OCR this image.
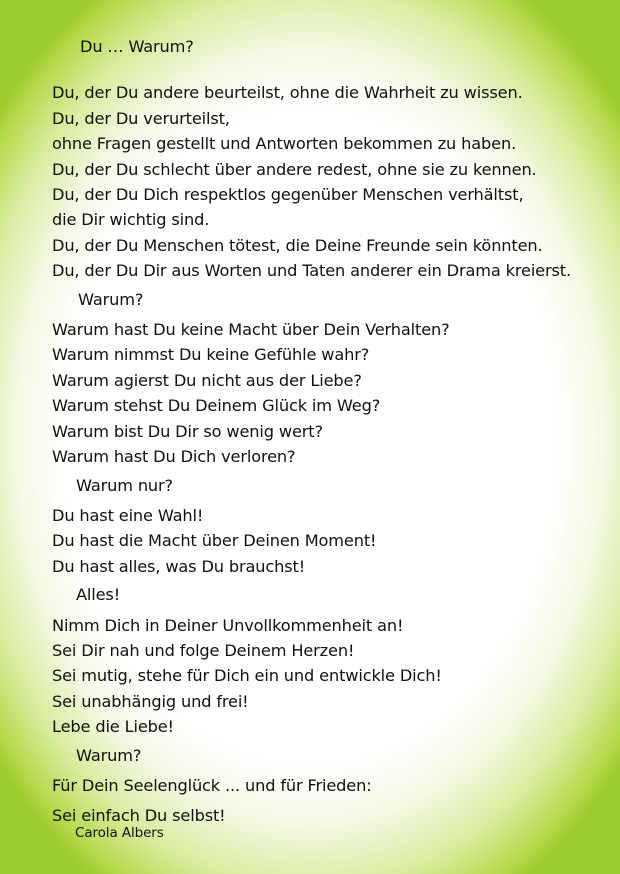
Du … Warum?
Du, der Du andere beurteilst, ohne die Wahrheit zu wissen.
Du, der Du verurteilst,
ohne Fragen gestellt und Antworten bekommen zu haben.
Du, der Du schlecht über andere redest, ohne sie zu kennen.
Du, der Du Dich respektlos gegenüber Menschen verhältst,
die Dir wichtig sind.
Du, der Du Menschen tötest, die Deine Freunde sein könnten.
Du, der Du Dir aus Worten und Taten anderer ein Drama kreierst.
Warum?
Warum hast Du keine Macht über Dein Verhalten?
Warum nimmst Du keine Gefühle wahr?
Warum agierst Du nicht aus der Liebe?
Warum stehst Du Deinem Glück im Weg?
Warum bist Du Dir so wenig wert?
Warum hast Du Dich verloren?
Warum nur?
Du hast eine Wahl!
Du hast die Macht über Deinen Moment!
Du hast alles, was Du brauchst!
Alles!
Nimm Dich in Deiner Unvollkommenheit an!
Sei Dir nah und folge Deinem Herzen!
Sei mutig, stehe für Dich ein und entwickle Dich!
Sei unabhängig und frei!
Lebe die Liebe!
Warum?
Für Dein Seelenglück ... und für Frieden:
Sei einfach Du selbst!
Carola Albers
